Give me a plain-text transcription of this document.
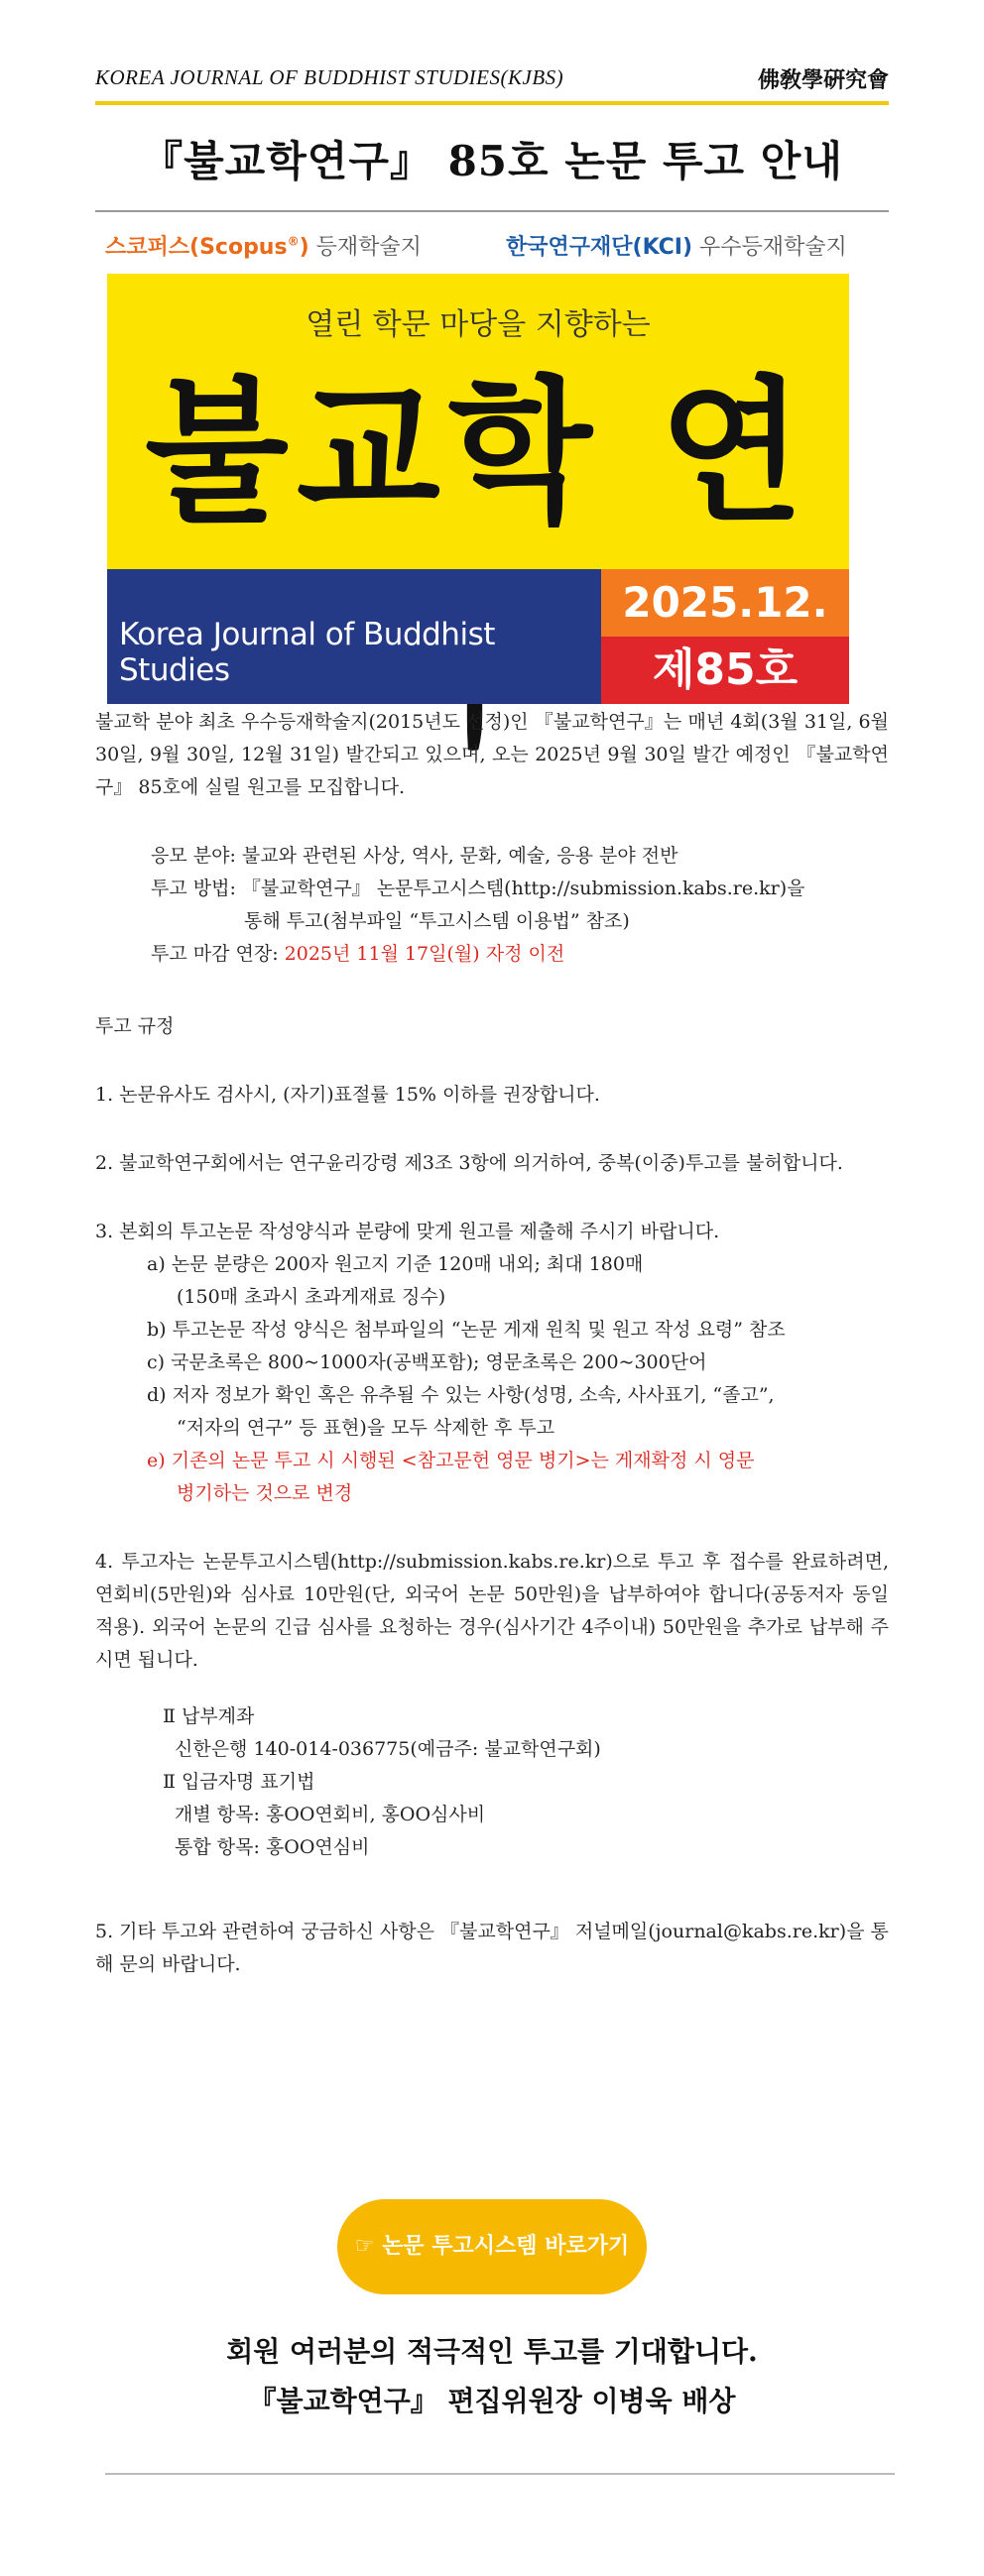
KOREA JOURNAL OF BUDDHIST STUDIES(KJBS)	佛敎學硏究會
『불교학연구』 85호 논문 투고 안내
스코퍼스(Scopus®) 등재학술지	한국연구재단(KCI) 우수등재학술지
열린 학문 마당을 지향하는
불교학 연
Korea Journal of Buddhist Studies
2025.12.
제85호

불교학 분야 최초 우수등재학술지(2015년도 선정)인 『불교학연구』는 매년 4회(3월 31일, 6월 30일, 9월 30일, 12월 31일) 발간되고 있으며, 오는 2025년 9월 30일 발간 예정인 『불교학연구』 85호에 실릴 원고를 모집합니다.

응모 분야: 불교와 관련된 사상, 역사, 문화, 예술, 응용 분야 전반

투고 방법: 『불교학연구』 논문투고시스템(http://submission.kabs.re.kr)을

통해 투고(첨부파일 “투고시스템 이용법” 참조)

투고 마감 연장: 2025년 11월 17일(월) 자정 이전

투고 규정

1. 논문유사도 검사시, (자기)표절률 15% 이하를 권장합니다.

2. 불교학연구회에서는 연구윤리강령 제3조 3항에 의거하여, 중복(이중)투고를 불허합니다.

3. 본회의 투고논문 작성양식과 분량에 맞게 원고를 제출해 주시기 바랍니다.

a) 논문 분량은 200자 원고지 기준 120매 내외; 최대 180매

(150매 초과시 초과게재료 징수)

b) 투고논문 작성 양식은 첨부파일의 “논문 게재 원칙 및 원고 작성 요령” 참조

c) 국문초록은 800~1000자(공백포함); 영문초록은 200~300단어

d) 저자 정보가 확인 혹은 유추될 수 있는 사항(성명, 소속, 사사표기, “졸고”,

“저자의 연구” 등 표현)을 모두 삭제한 후 투고

e) 기존의 논문 투고 시 시행된 <참고문헌 영문 병기>는 게재확정 시 영문

병기하는 것으로 변경

4. 투고자는 논문투고시스템(http://submission.kabs.re.kr)으로 투고 후 접수를 완료하려면, 연회비(5만원)와 심사료 10만원(단, 외국어 논문 50만원)을 납부하여야 합니다(공동저자 동일 적용). 외국어 논문의 긴급 심사를 요청하는 경우(심사기간 4주이내) 50만원을 추가로 납부해 주시면 됩니다.

Ⅱ 납부계좌

신한은행 140-014-036775(예금주: 불교학연구회)

Ⅱ 입금자명 표기법

개별 항목: 홍OO연회비, 홍OO심사비

통합 항목: 홍OO연심비

5. 기타 투고와 관련하여 궁금하신 사항은 『불교학연구』 저널메일(journal@kabs.re.kr)을 통해 문의 바랍니다.

☞ 논문 투고시스템 바로가기
회원 여러분의 적극적인 투고를 기대합니다.
『불교학연구』 편집위원장 이병욱 배상
